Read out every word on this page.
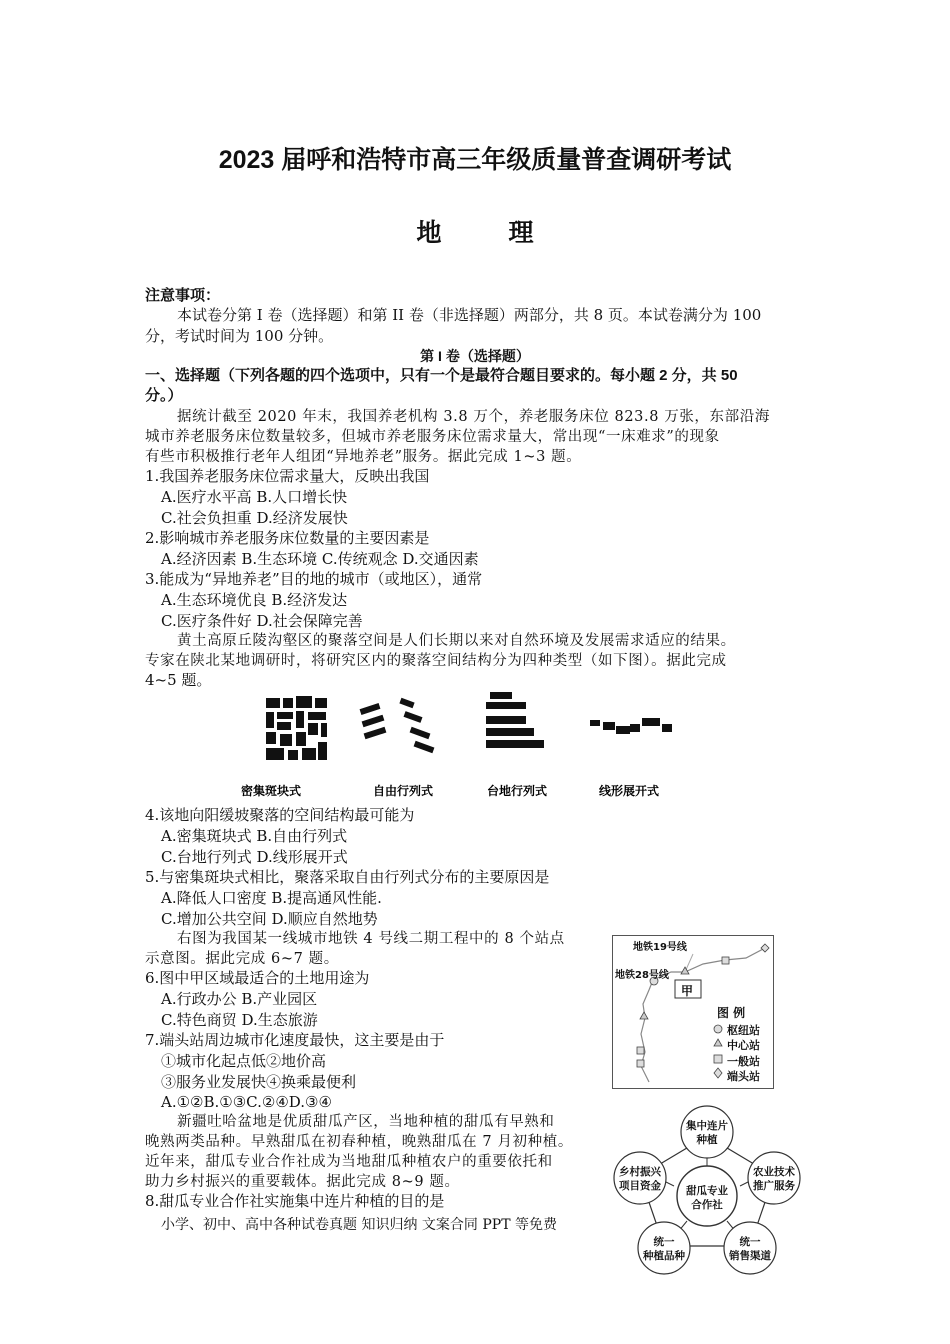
2023 届呼和浩特市高三年级质量普查调研考试
地 理
注意事项：
本试卷分第 I 卷（选择题）和第 II 卷（非选择题）两部分，共 8 页。本试卷满分为 100
分，考试时间为 100 分钟。
第 I 卷（选择题）
一、选择题（下列各题的四个选项中，只有一个是最符合题目要求的。每小题 2 分，共 50
分。）
据统计截至 2020 年末，我国养老机构 3.8 万个，养老服务床位 823.8 万张，东部沿海
城市养老服务床位数量较多，但城市养老服务床位需求量大，常出现“一床难求”的现象
有些市积极推行老年人组团“异地养老”服务。据此完成 1~3 题。
1.我国养老服务床位需求量大，反映出我国
A.医疗水平高 B.人口增长快
C.社会负担重 D.经济发展快
2.影响城市养老服务床位数量的主要因素是
A.经济因素 B.生态环境 C.传统观念 D.交通因素
3.能成为“异地养老”目的地的城市（或地区），通常
A.生态环境优良 B.经济发达
C.医疗条件好 D.社会保障完善
黄土高原丘陵沟壑区的聚落空间是人们长期以来对自然环境及发展需求适应的结果。
专家在陕北某地调研时，将研究区内的聚落空间结构分为四种类型（如下图）。据此完成
4~5 题。
密集斑块式	自由行列式	台地行列式	线形展开式
4.该地向阳缓坡聚落的空间结构最可能为
A.密集斑块式 B.自由行列式
C.台地行列式 D.线形展开式
5.与密集斑块式相比，聚落采取自由行列式分布的主要原因是
A.降低人口密度 B.提高通风性能.
C.增加公共空间 D.顺应自然地势
右图为我国某一线城市地铁 4 号线二期工程中的 8 个站点
示意图。据此完成 6~7 题。
6.图中甲区域最适合的土地用途为
A.行政办公 B.产业园区
C.特色商贸 D.生态旅游
7.端头站周边城市化速度最快，这主要是由于
①城市化起点低②地价高
③服务业发展快④换乘最便利
A.①②B.①③C.②④D.③④
地铁19号线
地铁28号线
甲
图 例
枢纽站
中心站
一般站
端头站
新疆吐哈盆地是优质甜瓜产区，当地种植的甜瓜有早熟和
晚熟两类品种。早熟甜瓜在初春种植，晚熟甜瓜在 7 月初种植。
近年来，甜瓜专业合作社成为当地甜瓜种植农户的重要依托和
助力乡村振兴的重要载体。据此完成 8~9 题。
8.甜瓜专业合作社实施集中连片种植的目的是
集中连片
种植
乡村振兴
项目资金
农业技术
推广服务
甜瓜专业
合作社
统一
种植品种
统一
销售渠道
小学、初中、高中各种试卷真题 知识归纳 文案合同 PPT 等免费
